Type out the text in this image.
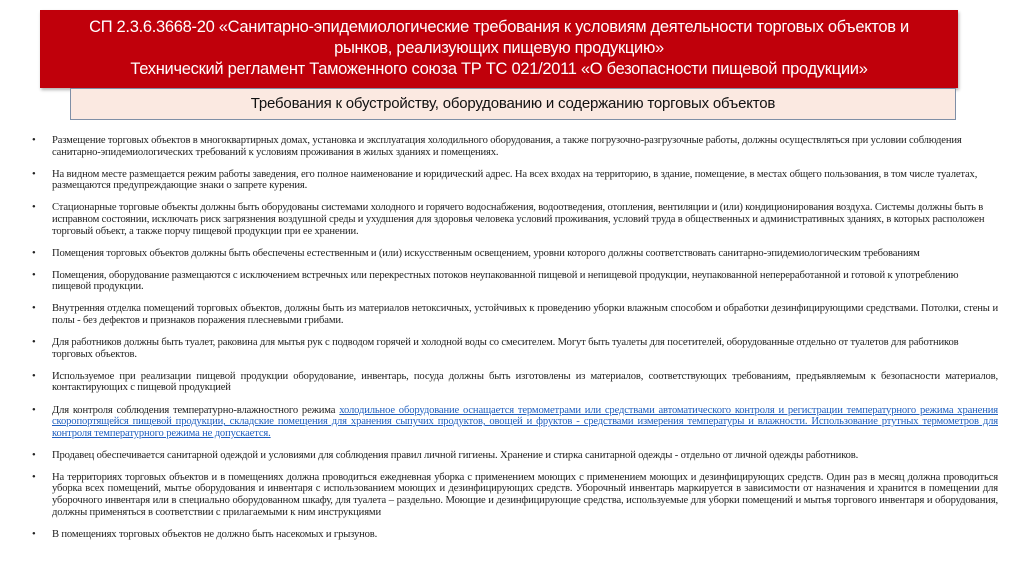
СП 2.3.6.3668-20 «Санитарно-эпидемиологические требования к условиям деятельности торговых объектов и
рынков, реализующих пищевую продукцию»
Технический регламент Таможенного союза ТР ТС 021/2011 «О безопасности пищевой продукции»
Требования к обустройству, оборудованию и содержанию торговых объектов
• Размещение торговых объектов в многоквартирных домах, установка и эксплуатация холодильного оборудования, а также погрузочно-разгрузочные работы, должны осуществляться при условии соблюдения санитарно-эпидемиологических требований к условиям проживания в жилых зданиях и помещениях.
• На видном месте размещается режим работы заведения, его полное наименование и юридический адрес. На всех входах на территорию, в здание, помещение, в местах общего пользования, в том числе туалетах, размещаются предупреждающие знаки о запрете курения.
• Стационарные торговые объекты должны быть оборудованы системами холодного и горячего водоснабжения, водоотведения, отопления, вентиляции и (или) кондиционирования воздуха. Системы должны быть в исправном состоянии, исключать риск загрязнения воздушной среды и ухудшения для здоровья человека условий проживания, условий труда в общественных и административных зданиях, в которых расположен торговый объект, а также порчу пищевой продукции при ее хранении.
• Помещения торговых объектов должны быть обеспечены естественным и (или) искусственным освещением, уровни которого должны соответствовать санитарно-эпидемиологическим требованиям
• Помещения, оборудование размещаются с исключением встречных или перекрестных потоков неупакованной пищевой и непищевой продукции, неупакованной непереработанной и готовой к употреблению пищевой продукции.
• Внутренняя отделка помещений торговых объектов, должны быть из материалов нетоксичных, устойчивых к проведению уборки влажным способом и обработки дезинфицирующими средствами. Потолки, стены и полы - без дефектов и признаков поражения плесневыми грибами.
• Для работников должны быть туалет, раковина для мытья рук с подводом горячей и холодной воды со смесителем. Могут быть туалеты для посетителей, оборудованные отдельно от туалетов для работников торговых объектов.
• Используемое при реализации пищевой продукции оборудование, инвентарь, посуда должны быть изготовлены из материалов, соответствующих требованиям, предъявляемым к безопасности материалов, контактирующих с пищевой продукцией
• Для контроля соблюдения температурно-влажностного режима холодильное оборудование оснащается термометрами или средствами автоматического контроля и регистрации температурного режима хранения скоропортящейся пищевой продукции, складские помещения для хранения сыпучих продуктов, овощей и фруктов - средствами измерения температуры и влажности. Использование ртутных термометров для контроля температурного режима не допускается.
• Продавец обеспечивается санитарной одеждой и условиями для соблюдения правил личной гигиены. Хранение и стирка санитарной одежды - отдельно от личной одежды работников.
• На территориях торговых объектов и в помещениях должна проводиться ежедневная уборка с применением моющих с применением моющих и дезинфицирующих средств. Один раз в месяц должна проводиться уборка всех помещений, мытье оборудования и инвентаря с использованием моющих и дезинфицирующих средств. Уборочный инвентарь маркируется в зависимости от назначения и хранится в помещении для уборочного инвентаря или в специально оборудованном шкафу, для туалета – раздельно. Моющие и дезинфицирующие средства, используемые для уборки помещений и мытья торгового инвентаря и оборудования, должны применяться в соответствии с прилагаемыми к ним инструкциями
• В помещениях торговых объектов не должно быть насекомых и грызунов.
